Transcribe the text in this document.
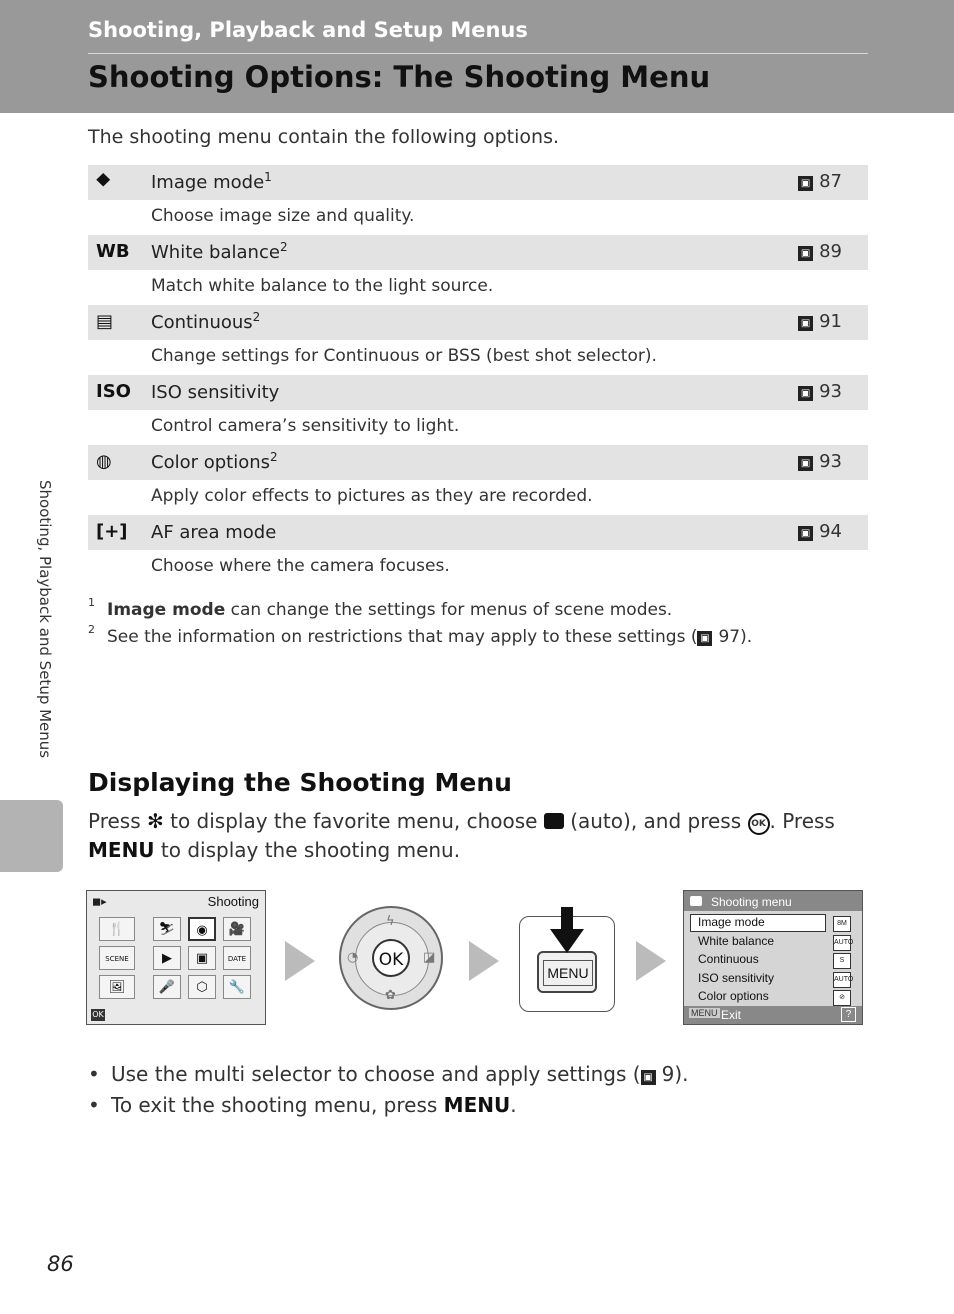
Shooting, Playback and Setup Menus
Shooting Options: The Shooting Menu
The shooting menu contain the following options.
Shooting, Playback and Setup Menus
⯁ Image mode$^1$	▣ 87
Choose image size and quality.
WB White balance$^2$	▣ 89
Match white balance to the light source.
▤ Continuous$^2$	▣ 91
Change settings for Continuous or BSS (best shot selector).
ISO ISO sensitivity	▣ 93
Control camera’s sensitivity to light.
◍ Color options$^2$	▣ 93
Apply color effects to pictures as they are recorded.
[+] AF area mode	▣ 94
Choose where the camera focuses.
1 Image mode can change the settings for menus of scene modes.
2 See the information on restrictions that may apply to these settings ( ▣ 97).
Displaying the Shooting Menu
Press ✻ to display the favorite menu, choose  (auto), and press OK . Press MENU to display the shooting menu.
◼▸	Shooting
🍴	⛷	◉	🎥
SCENE	▶	▣	DATE
🖼	🎤	⬡	🔧
OK
ϟ
◔	◪
✿
OK
MENU
Shooting menu
Image mode	8M
White balance	AUTO
Continuous	S
ISO sensitivity	AUTO
Color options	⊘
MENU Exit	?
• Use the multi selector to choose and apply settings ( ▣ 9).
• To exit the shooting menu, press MENU.
86
